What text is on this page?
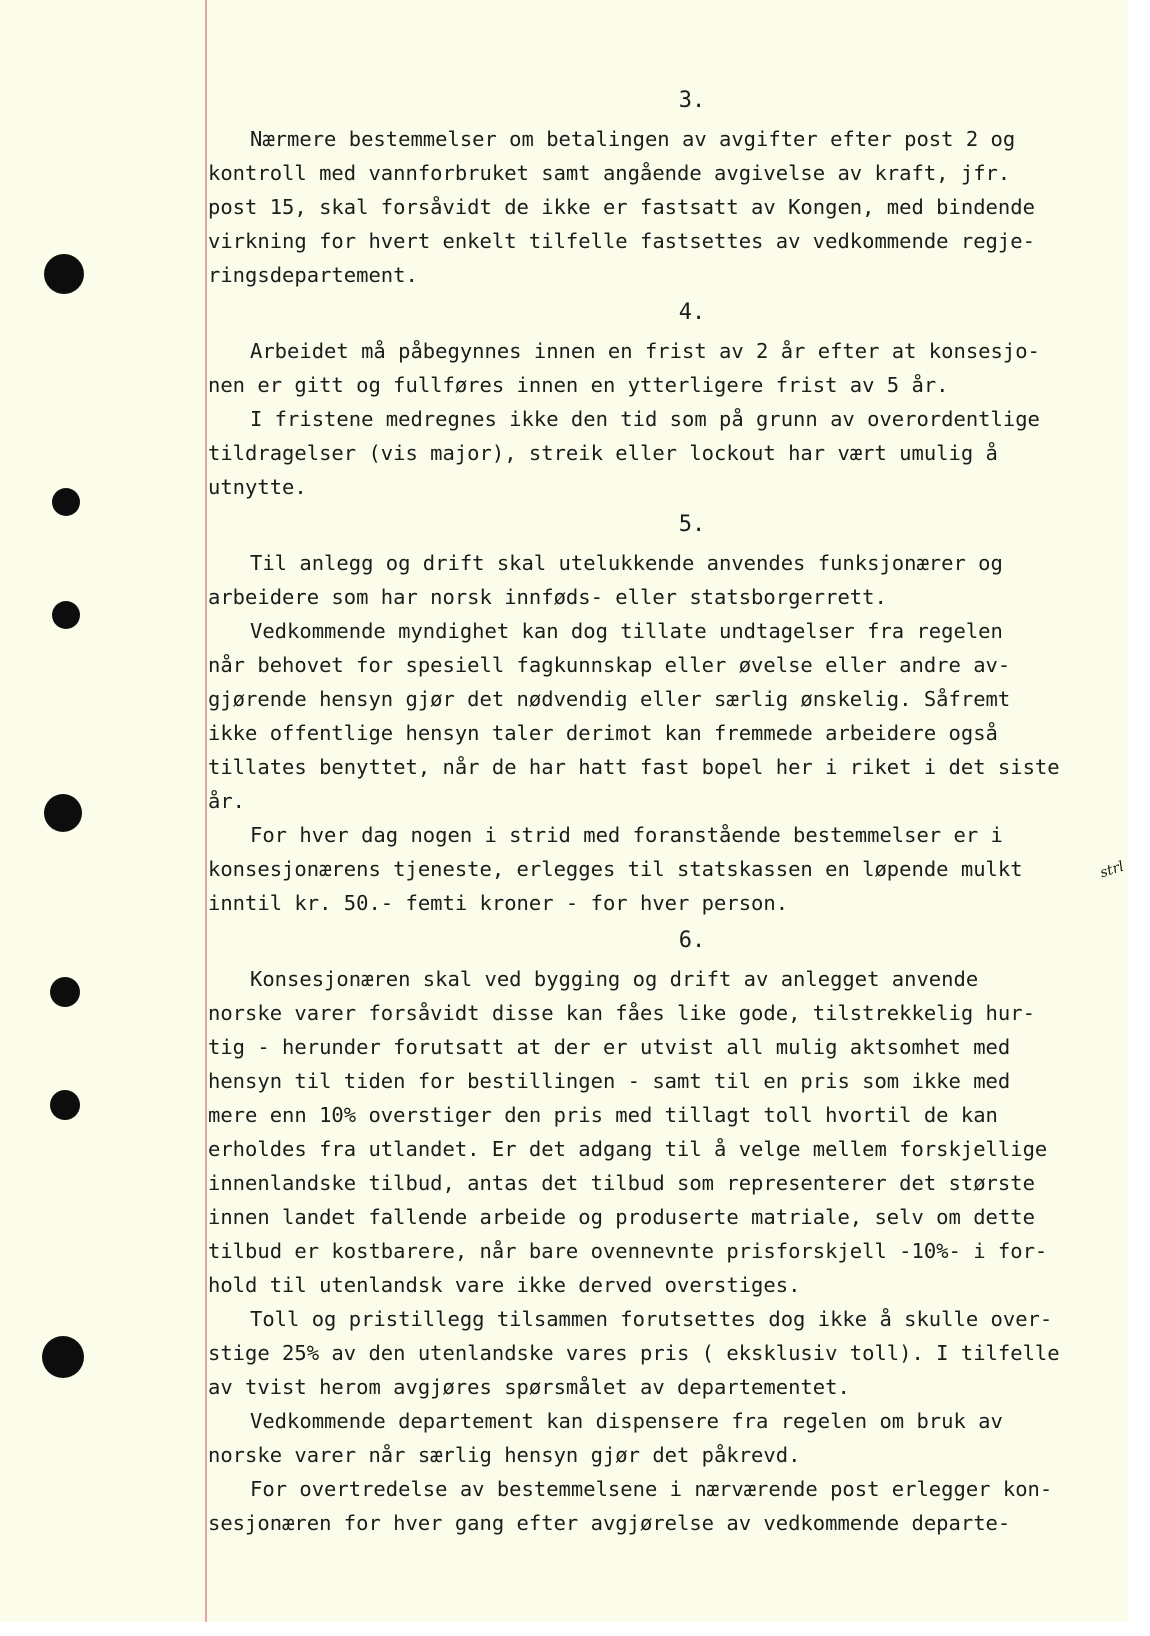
3.
Nærmere bestemmelser om betalingen av avgifter efter post 2 og
kontroll med vannforbruket samt angående avgivelse av kraft, jfr.
post 15, skal forsåvidt de ikke er fastsatt av Kongen, med bindende
virkning for hvert enkelt tilfelle fastsettes av vedkommende regje-
ringsdepartement.
4.
Arbeidet må påbegynnes innen en frist av 2 år efter at konsesjo-
nen er gitt og fullføres innen en ytterligere frist av 5 år.
I fristene medregnes ikke den tid som på grunn av overordentlige
tildragelser (vis major), streik eller lockout har vært umulig å
utnytte.
5.
Til anlegg og drift skal utelukkende anvendes funksjonærer og
arbeidere som har norsk innføds- eller statsborgerrett.
Vedkommende myndighet kan dog tillate undtagelser fra regelen
når behovet for spesiell fagkunnskap eller øvelse eller andre av-
gjørende hensyn gjør det nødvendig eller særlig ønskelig. Såfremt
ikke offentlige hensyn taler derimot kan fremmede arbeidere også
tillates benyttet, når de har hatt fast bopel her i riket i det siste
år.
For hver dag nogen i strid med foranstående bestemmelser er i
konsesjonærens tjeneste, erlegges til statskassen en løpende mulkt
inntil kr. 50.- femti kroner - for hver person.
6.
Konsesjonæren skal ved bygging og drift av anlegget anvende
norske varer forsåvidt disse kan fåes like gode, tilstrekkelig hur-
tig - herunder forutsatt at der er utvist all mulig aktsomhet med
hensyn til tiden for bestillingen - samt til en pris som ikke med
mere enn 10% overstiger den pris med tillagt toll hvortil de kan
erholdes fra utlandet. Er det adgang til å velge mellem forskjellige
innenlandske tilbud, antas det tilbud som representerer det største
innen landet fallende arbeide og produserte matriale, selv om dette
tilbud er kostbarere, når bare ovennevnte prisforskjell -10%- i for-
hold til utenlandsk vare ikke derved overstiges.
Toll og pristillegg tilsammen forutsettes dog ikke å skulle over-
stige 25% av den utenlandske vares pris ( eksklusiv toll). I tilfelle
av tvist herom avgjøres spørsmålet av departementet.
Vedkommende departement kan dispensere fra regelen om bruk av
norske varer når særlig hensyn gjør det påkrevd.
For overtredelse av bestemmelsene i nærværende post erlegger kon-
sesjonæren for hver gang efter avgjørelse av vedkommende departe-
strl
